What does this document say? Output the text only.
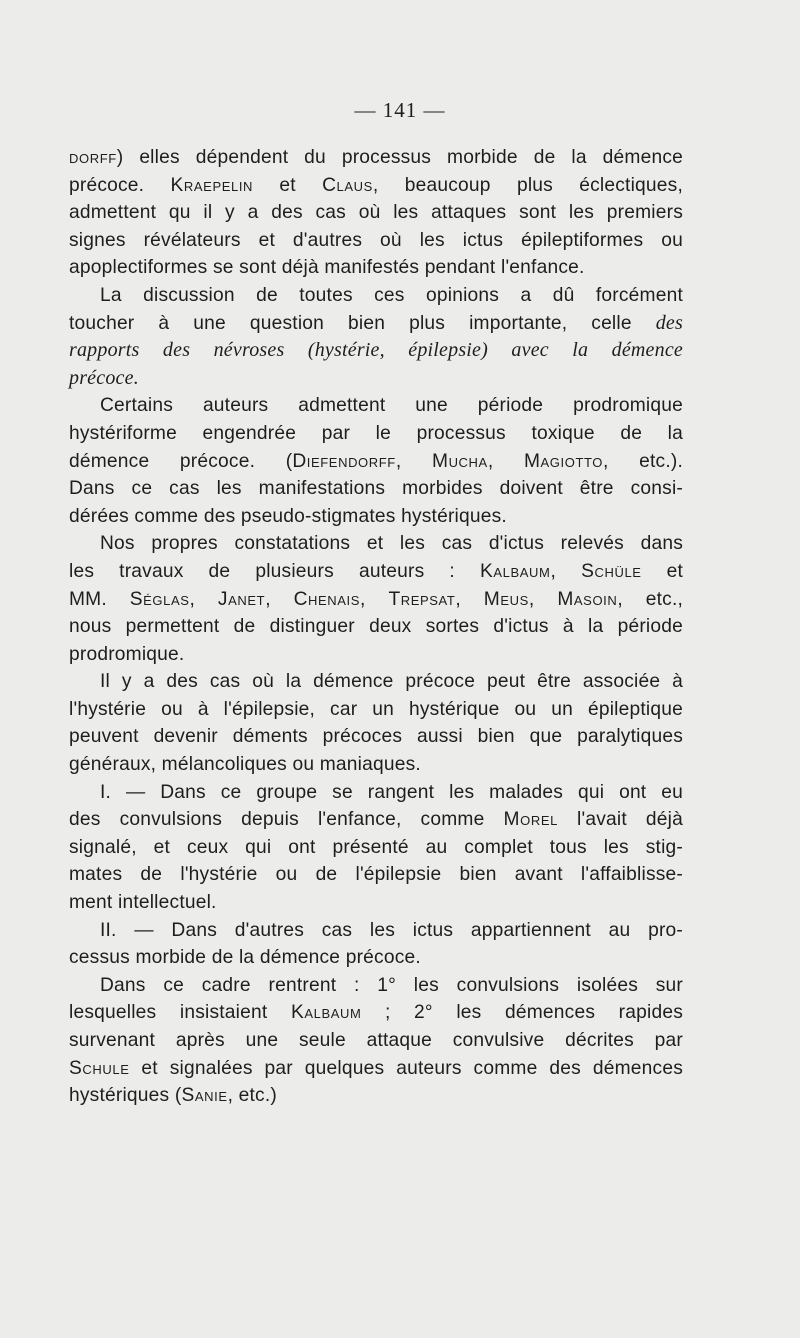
— 141 —
dorff) elles dépendent du processus morbide de la démence
précoce. Kraepelin et Claus, beaucoup plus éclectiques,
admettent qu il y a des cas où les attaques sont les premiers
signes révélateurs et d'autres où les ictus épileptiformes ou
apoplectiformes se sont déjà manifestés pendant l'enfance.
La discussion de toutes ces opinions a dû forcément
toucher à une question bien plus importante, celle des
rapports des névroses (hystérie, épilepsie) avec la démence
précoce.
Certains auteurs admettent une période prodromique
hystériforme engendrée par le processus toxique de la
démence précoce. (Diefendorff, Mucha, Magiotto, etc.).
Dans ce cas les manifestations morbides doivent être consi-
dérées comme des pseudo-stigmates hystériques.
Nos propres constatations et les cas d'ictus relevés dans
les travaux de plusieurs auteurs : Kalbaum, Schüle et
MM. Séglas, Janet, Chenais, Trepsat, Meus, Masoin, etc.,
nous permettent de distinguer deux sortes d'ictus à la période
prodromique.
Il y a des cas où la démence précoce peut être associée à
l'hystérie ou à l'épilepsie, car un hystérique ou un épileptique
peuvent devenir déments précoces aussi bien que paralytiques
généraux, mélancoliques ou maniaques.
I. — Dans ce groupe se rangent les malades qui ont eu
des convulsions depuis l'enfance, comme Morel l'avait déjà
signalé, et ceux qui ont présenté au complet tous les stig-
mates de l'hystérie ou de l'épilepsie bien avant l'affaiblisse-
ment intellectuel.
II. — Dans d'autres cas les ictus appartiennent au pro-
cessus morbide de la démence précoce.
Dans ce cadre rentrent : 1° les convulsions isolées sur
lesquelles insistaient Kalbaum ; 2° les démences rapides
survenant après une seule attaque convulsive décrites par
Schule et signalées par quelques auteurs comme des démences
hystériques (Sanie, etc.)
